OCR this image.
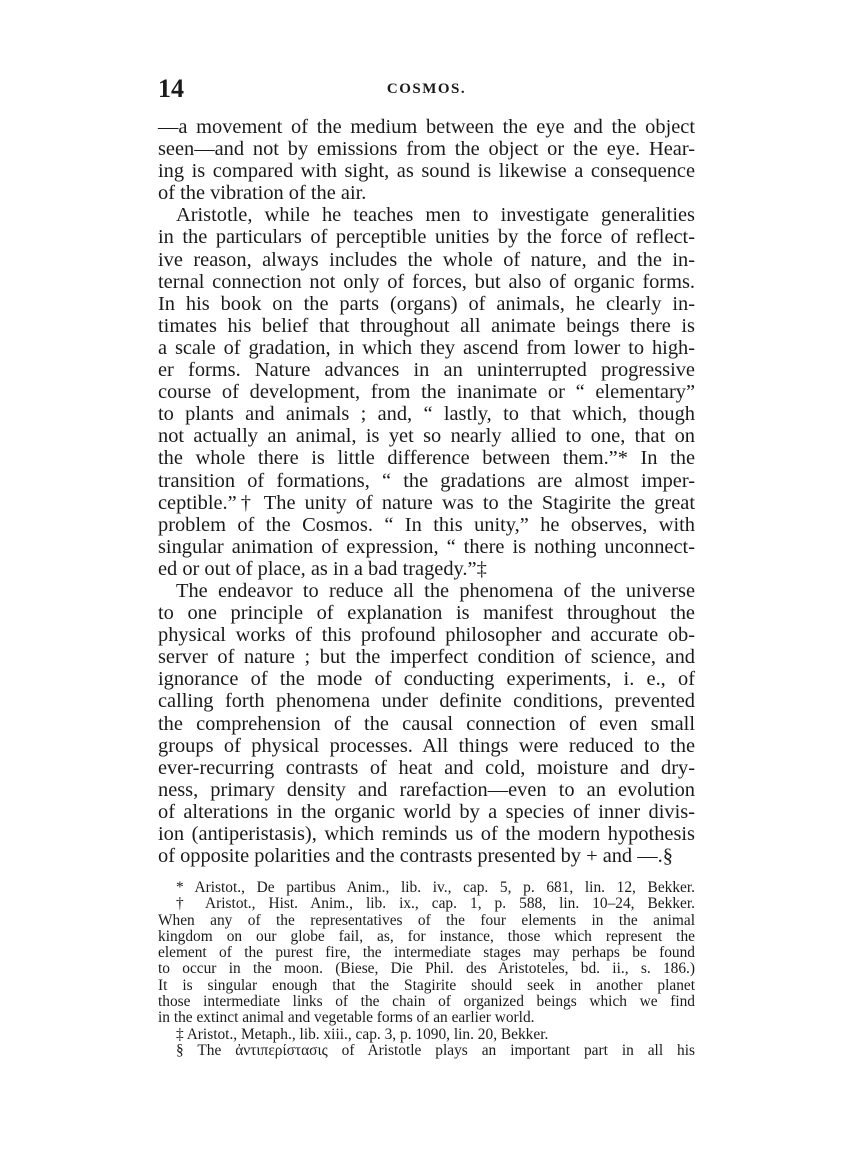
14	COSMOS.
—a movement of the medium between the eye and the object
seen—and not by emissions from the object or the eye. Hear-
ing is compared with sight, as sound is likewise a consequence
of the vibration of the air.
Aristotle, while he teaches men to investigate generalities
in the particulars of perceptible unities by the force of reflect-
ive reason, always includes the whole of nature, and the in-
ternal connection not only of forces, but also of organic forms.
In his book on the parts (organs) of animals, he clearly in-
timates his belief that throughout all animate beings there is
a scale of gradation, in which they ascend from lower to high-
er forms. Nature advances in an uninterrupted progressive
course of development, from the inanimate or “ elementary”
to plants and animals ; and, “ lastly, to that which, though
not actually an animal, is yet so nearly allied to one, that on
the whole there is little difference between them.”* In the
transition of formations, “ the gradations are almost imper-
ceptible.”† The unity of nature was to the Stagirite the great
problem of the Cosmos. “ In this unity,” he observes, with
singular animation of expression, “ there is nothing unconnect-
ed or out of place, as in a bad tragedy.”‡
The endeavor to reduce all the phenomena of the universe
to one principle of explanation is manifest throughout the
physical works of this profound philosopher and accurate ob-
server of nature ; but the imperfect condition of science, and
ignorance of the mode of conducting experiments, i. e., of
calling forth phenomena under definite conditions, prevented
the comprehension of the causal connection of even small
groups of physical processes. All things were reduced to the
ever-recurring contrasts of heat and cold, moisture and dry-
ness, primary density and rarefaction—even to an evolution
of alterations in the organic world by a species of inner divis-
ion (antiperistasis), which reminds us of the modern hypothesis
of opposite polarities and the contrasts presented by + and —.§
* Aristot., De partibus Anim., lib. iv., cap. 5, p. 681, lin. 12, Bekker.
† Aristot., Hist. Anim., lib. ix., cap. 1, p. 588, lin. 10–24, Bekker.
When any of the representatives of the four elements in the animal
kingdom on our globe fail, as, for instance, those which represent the
element of the purest fire, the intermediate stages may perhaps be found
to occur in the moon. (Biese, Die Phil. des Aristoteles, bd. ii., s. 186.)
It is singular enough that the Stagirite should seek in another planet
those intermediate links of the chain of organized beings which we find
in the extinct animal and vegetable forms of an earlier world.
‡ Aristot., Metaph., lib. xiii., cap. 3, p. 1090, lin. 20, Bekker.
§ The ἀντιπερίστασις of Aristotle plays an important part in all his
